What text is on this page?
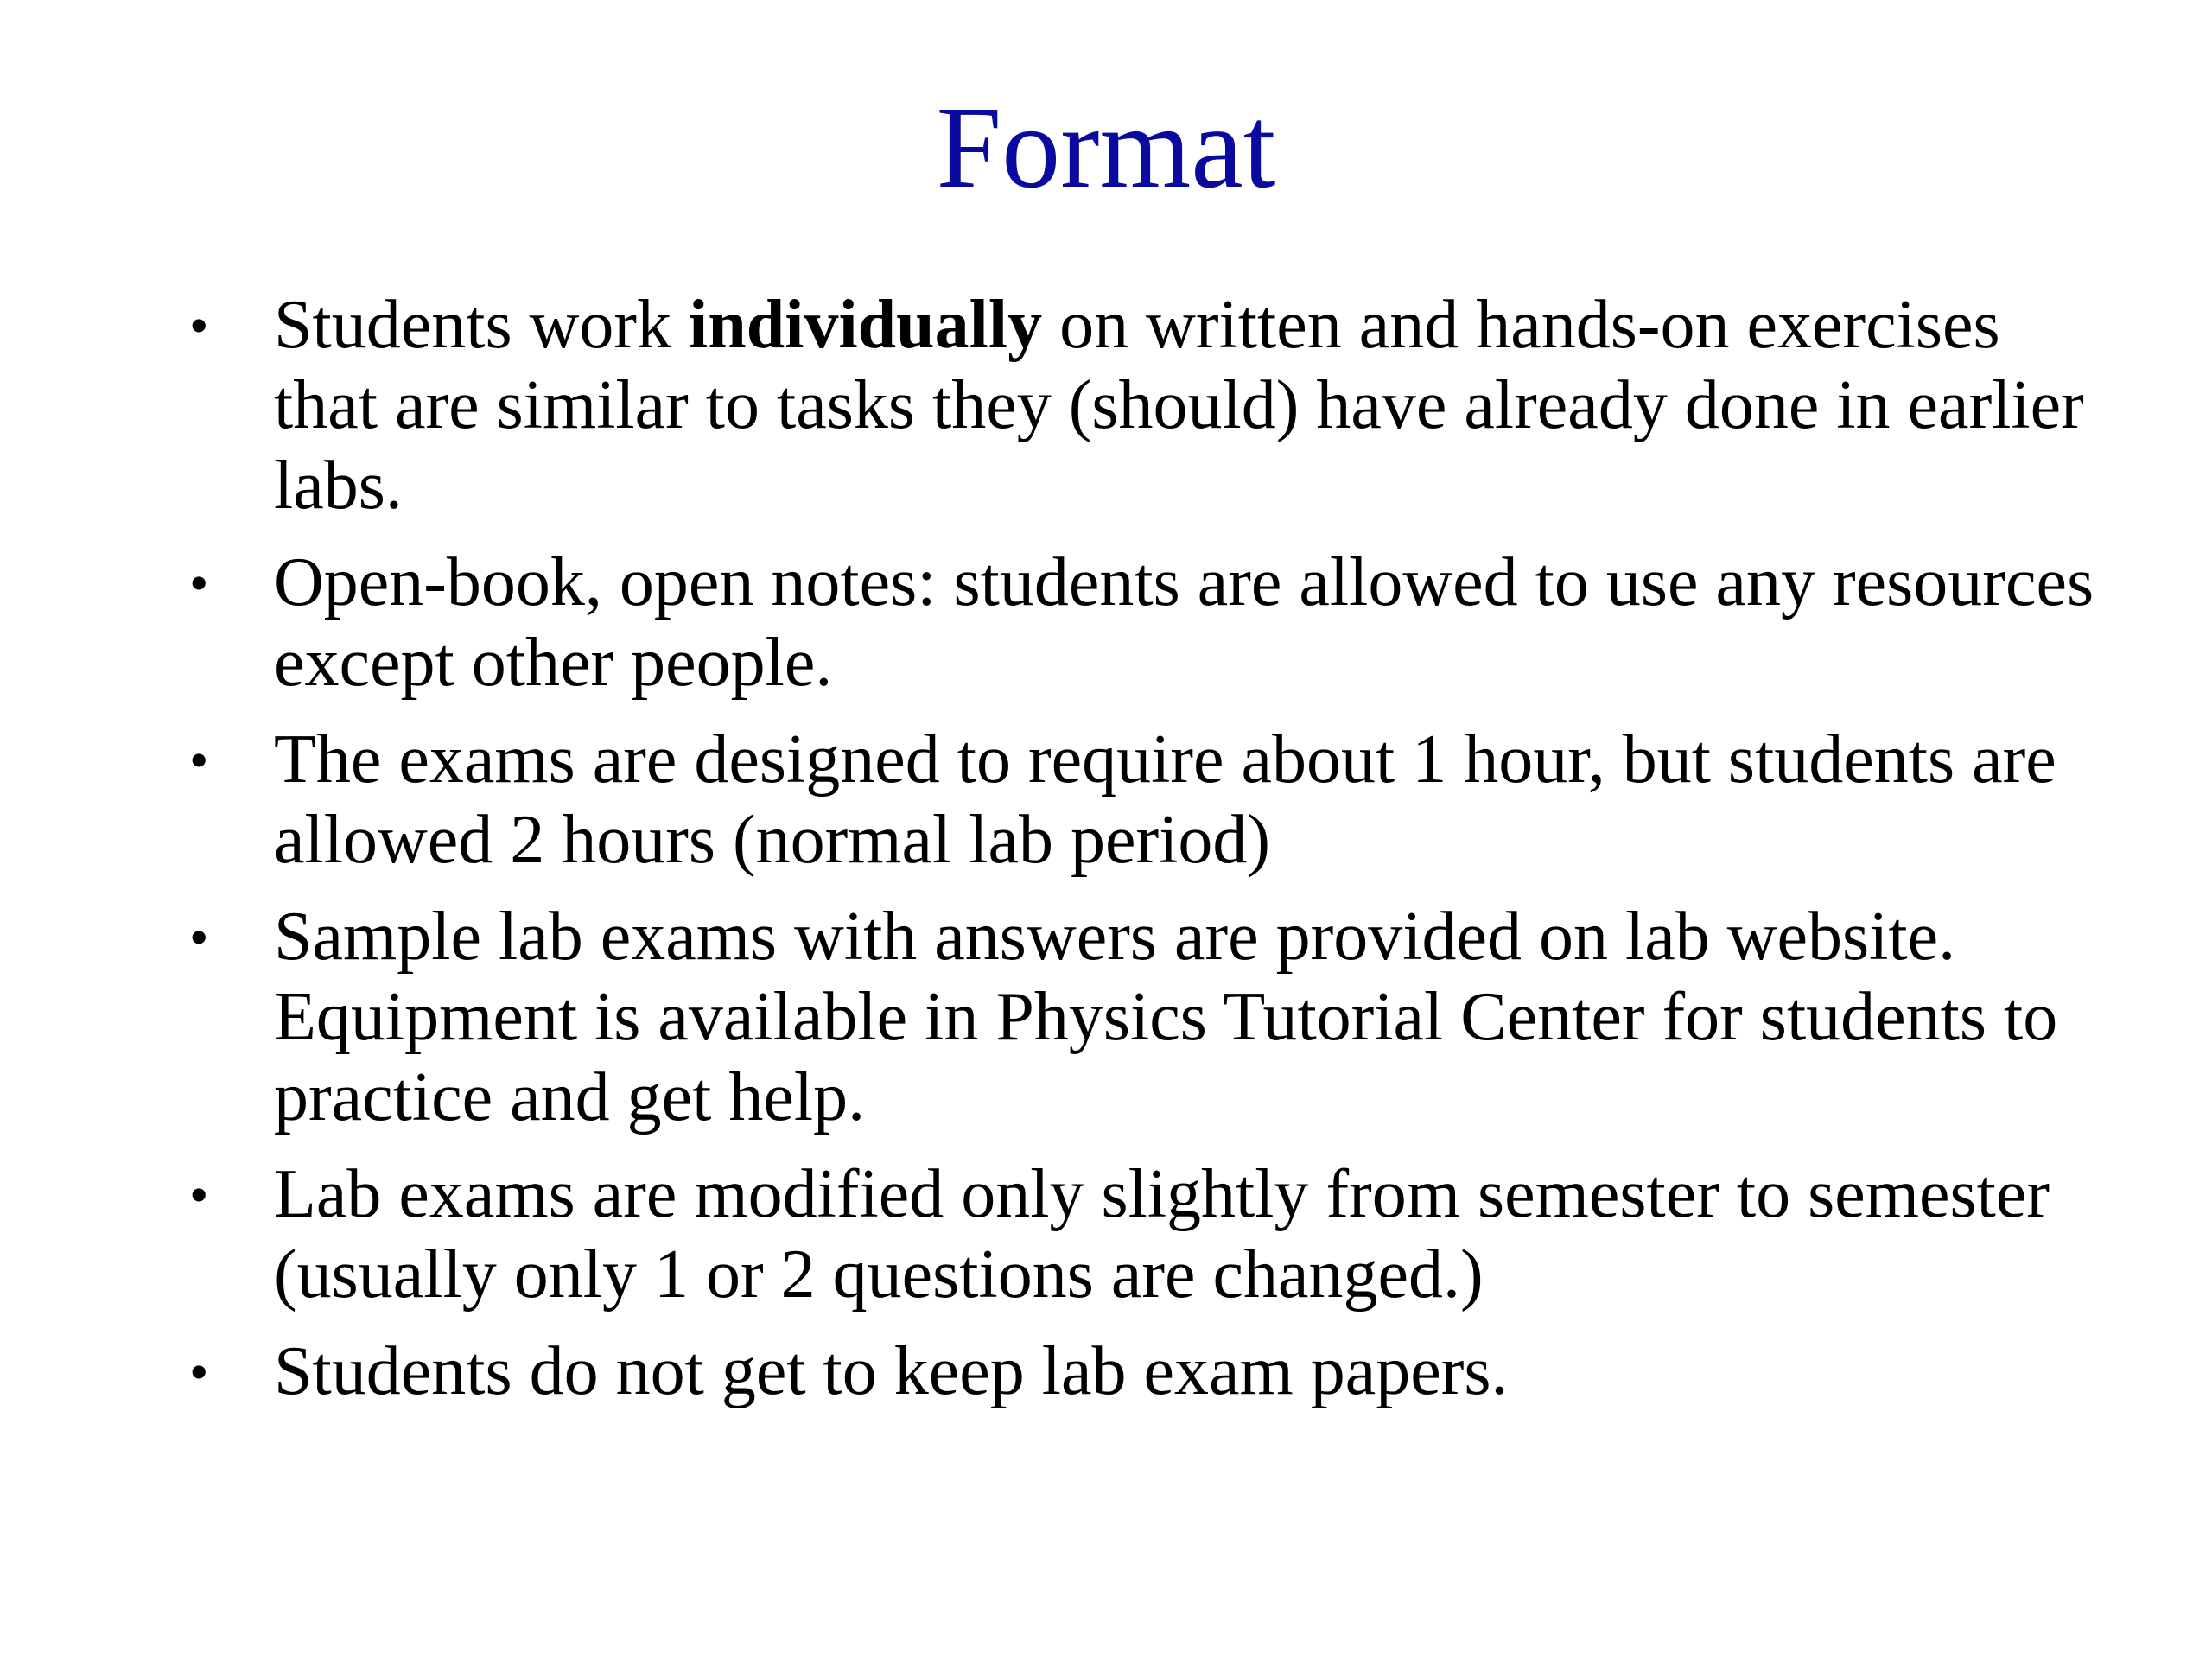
Format
• Students work individually on written and hands-on exercises that are similar to tasks they (should) have already done in earlier labs.
• Open-book, open notes: students are allowed to use any resources except other people.
• The exams are designed to require about 1 hour, but students are allowed 2 hours (normal lab period)
• Sample lab exams with answers are provided on lab website. Equipment is available in Physics Tutorial Center for students to practice and get help.
• Lab exams are modified only slightly from semester to semester (usually only 1 or 2 questions are changed.)
• Students do not get to keep lab exam papers.
